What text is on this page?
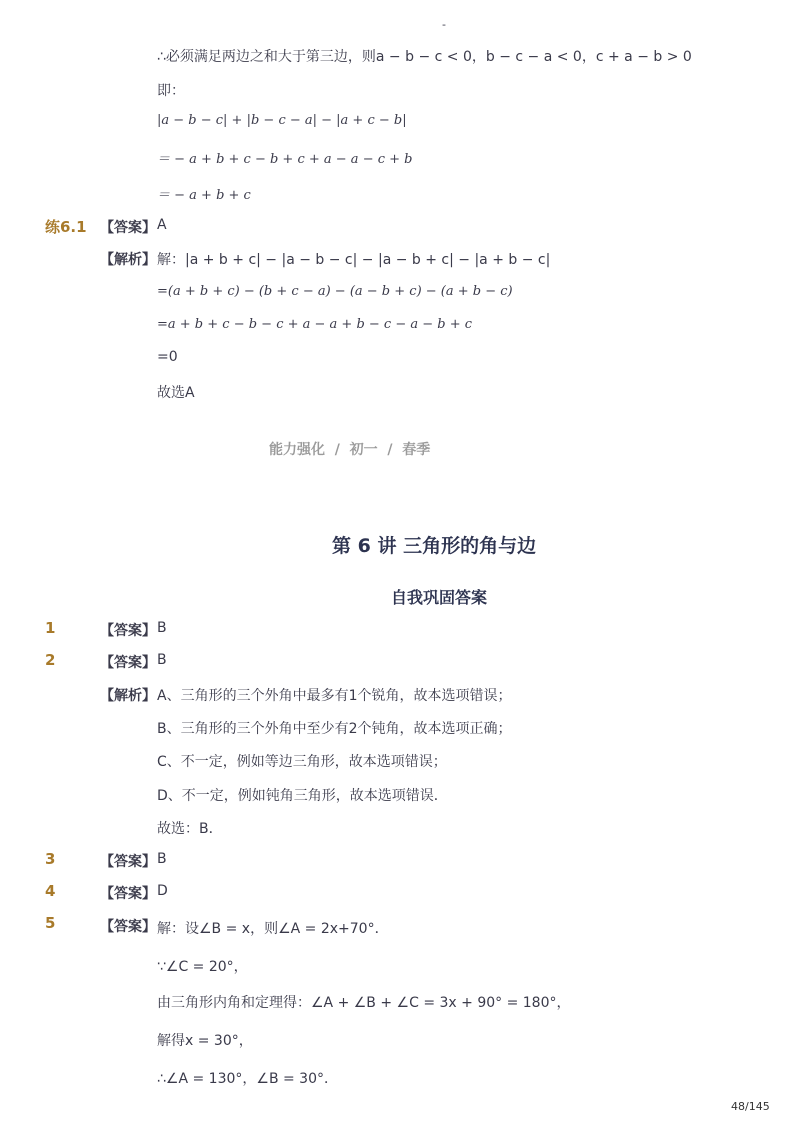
-
∴必须满足两边之和大于第三边，则a − b − c < 0，b − c − a < 0，c + a − b > 0
即：
|a − b − c| + |b − c − a| − |a + c − b|
＝ − a + b + c − b + c + a − a − c + b
＝ − a + b + c
练6.1 【答案】 A
【解析】 解：|a + b + c| − |a − b − c| − |a − b + c| − |a + b − c|
=(a + b + c) − (b + c − a) − (a − b + c) − (a + b − c)
=a + b + c − b − c + a − a + b − c − a − b + c
=0
故选A
能力强化  /  初一  /  春季
第 6 讲 三角形的角与边
自我巩固答案
1	【答案】 B
2	【答案】 B
【解析】 A、三角形的三个外角中最多有1个锐角，故本选项错误；
B、三角形的三个外角中至少有2个钝角，故本选项正确；
C、不一定，例如等边三角形，故本选项错误；
D、不一定，例如钝角三角形，故本选项错误．
故选：B．
3	【答案】 B
4	【答案】 D
5	【答案】 解：设∠B = x，则∠A = 2x+70°．
∵∠C = 20°，
由三角形内角和定理得：∠A + ∠B + ∠C = 3x + 90° = 180°，
解得x = 30°，
∴∠A = 130°，∠B = 30°．
48/145
